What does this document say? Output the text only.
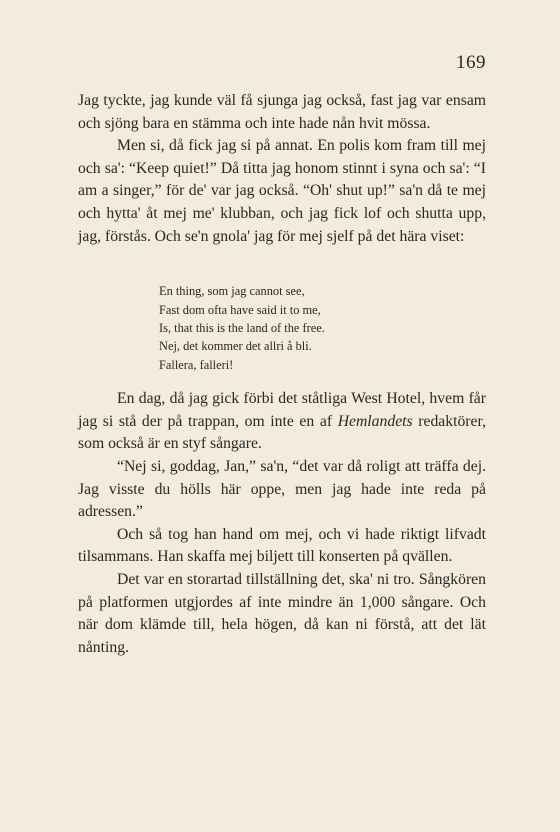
169

Jag tyckte, jag kunde väl få sjunga jag också, fast jag var ensam och sjöng bara en stämma och inte hade nån hvit mössa.

Men si, då fick jag si på annat. En polis kom fram till mej och sa': “Keep quiet!” Då titta jag honom stinnt i syna och sa': “I am a singer,” för de' var jag också. “Oh' shut up!” sa'n då te mej och hytta' åt mej me' klubban, och jag fick lof och shutta upp, jag, förstås. Och se'n gnola' jag för mej sjelf på det hära viset:

En thing, som jag cannot see,
Fast dom ofta have said it to me,
Is, that this is the land of the free.
Nej, det kommer det allri å bli.
Fallera, falleri!

En dag, då jag gick förbi det ståtliga West Hotel, hvem får jag si stå der på trappan, om inte en af Hemlandets redaktörer, som också är en styf sångare.

“Nej si, goddag, Jan,” sa'n, “det var då roligt att träffa dej. Jag visste du hölls här oppe, men jag hade inte reda på adressen.”

Och så tog han hand om mej, och vi hade riktigt lifvadt tilsammans. Han skaffa mej biljett till konserten på qvällen.

Det var en storartad tillställning det, ska' ni tro. Sångkören på platformen utgjordes af inte mindre än 1,000 sångare. Och när dom klämde till, hela högen, då kan ni förstå, att det lät nånting.
